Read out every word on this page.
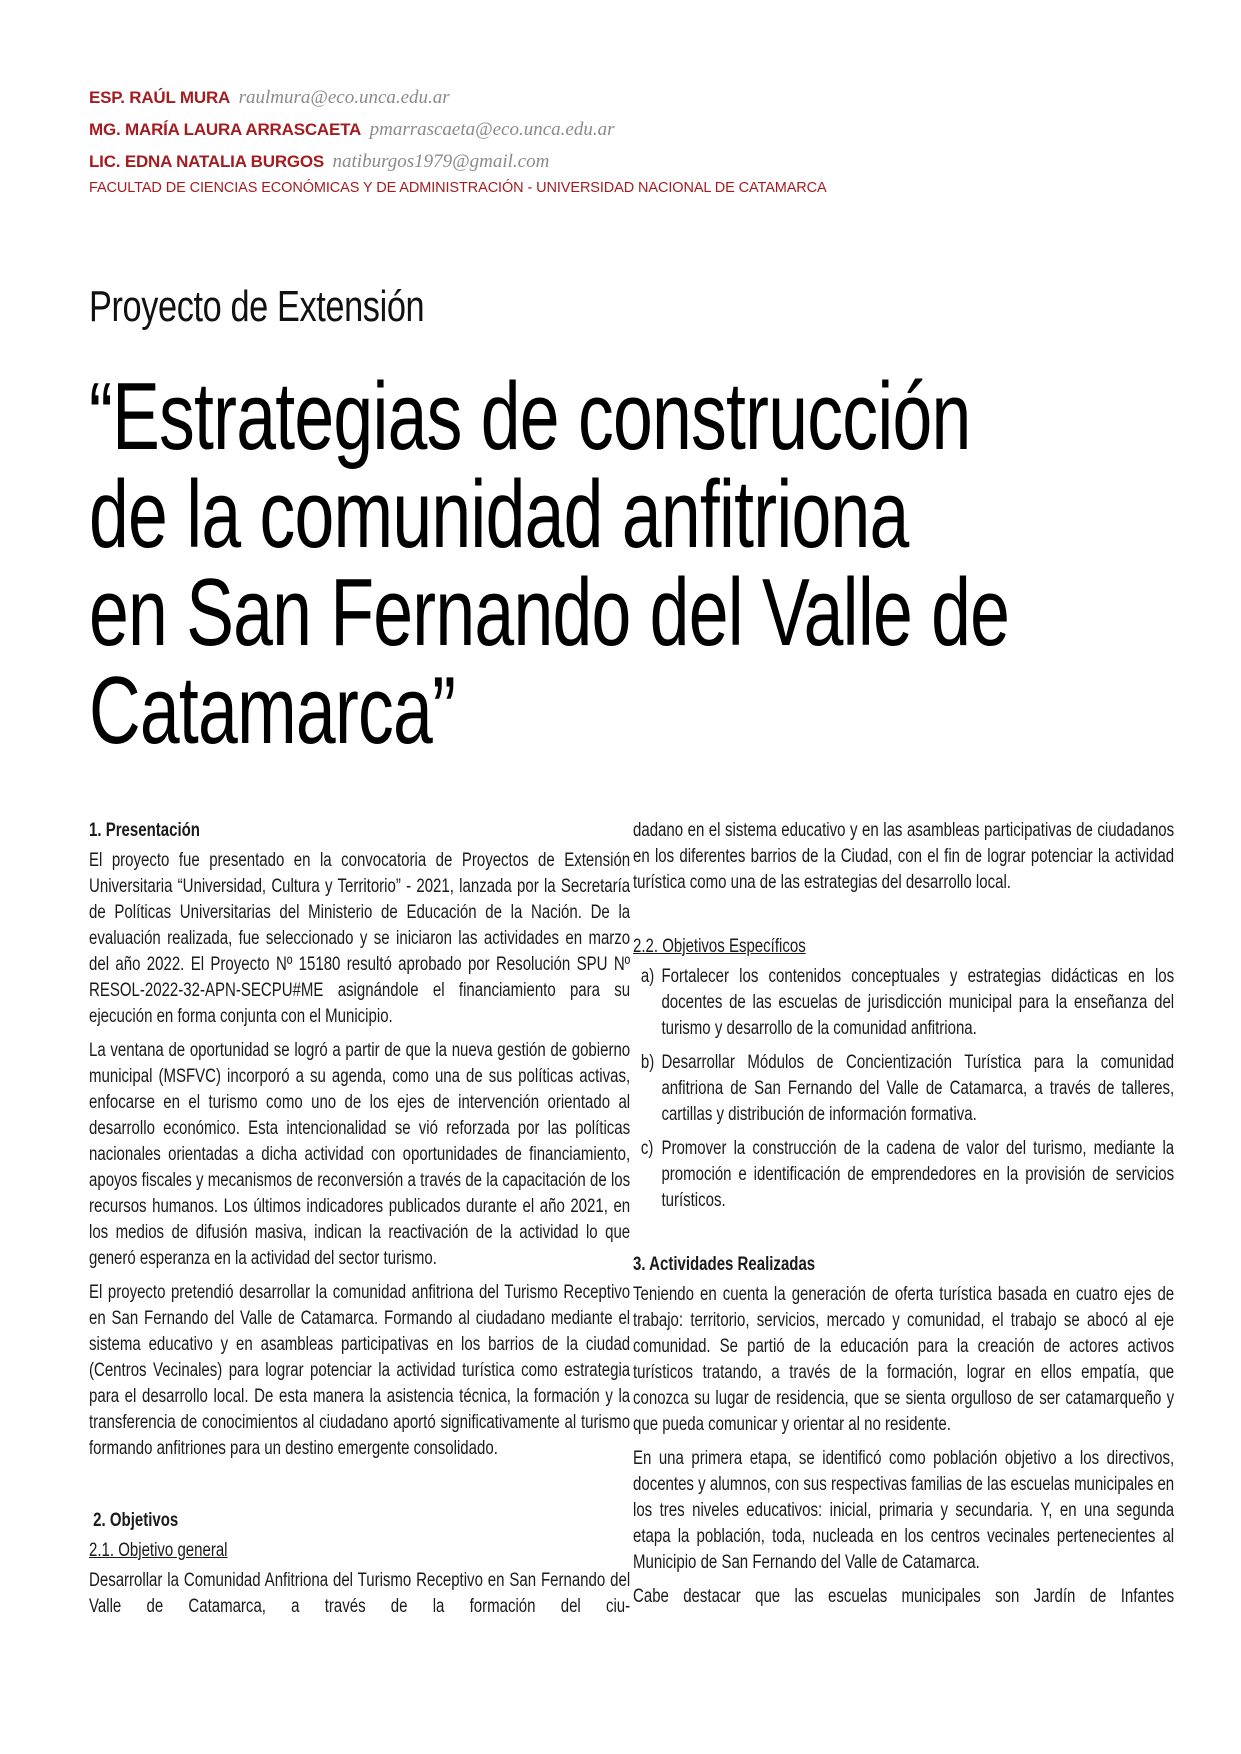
ESP. RAÚL MURA raulmura@eco.unca.edu.ar
MG. MARÍA LAURA ARRASCAETA pmarrascaeta@eco.unca.edu.ar
LIC. EDNA NATALIA BURGOS natiburgos1979@gmail.com
FACULTAD DE CIENCIAS ECONÓMICAS Y DE ADMINISTRACIÓN - UNIVERSIDAD NACIONAL DE CATAMARCA
Proyecto de Extensión
“Estrategias de construcción
de la comunidad anfitriona
en San Fernando del Valle de
Catamarca”
1. Presentación

El proyecto fue presentado en la convocatoria de Proyectos de Extensión Universitaria “Universidad, Cultura y Territorio” - 2021, lanzada por la Secretaría de Políticas Universitarias del Ministerio de Educación de la Nación. De la evaluación realizada, fue seleccionado y se iniciaron las actividades en marzo del año 2022. El Proyecto Nº 15180 resultó aprobado por Resolución SPU Nº RESOL-2022-32-APN-SECPU#ME asignándole el financiamiento para su ejecución en forma conjunta con el Municipio.

La ventana de oportunidad se logró a partir de que la nueva gestión de gobierno municipal (MSFVC) incorporó a su agenda, como una de sus políticas activas, enfocarse en el turismo como uno de los ejes de intervención orientado al desarrollo económico. Esta intencionalidad se vió reforzada por las políticas nacionales orientadas a dicha actividad con oportunidades de financiamiento, apoyos fiscales y mecanismos de reconversión a través de la capacitación de los recursos humanos. Los últimos indicadores publicados durante el año 2021, en los medios de difusión masiva, indican la reactivación de la actividad lo que generó esperanza en la actividad del sector turismo.

El proyecto pretendió desarrollar la comunidad anfitriona del Turismo Receptivo en San Fernando del Valle de Catamarca. Formando al ciudadano mediante el sistema educativo y en asambleas participativas en los barrios de la ciudad (Centros Vecinales) para lograr potenciar la actividad turística como estrategia para el desarrollo local. De esta manera la asistencia técnica, la formación y la transferencia de conocimientos al ciudadano aportó significativamente al turismo formando anfitriones para un destino emergente consolidado.

2. Objetivos
2.1. Objetivo general

Desarrollar la Comunidad Anfitriona del Turismo Receptivo en San Fernando del Valle de Catamarca, a través de la formación del ciu-

dadano en el sistema educativo y en las asambleas participativas de ciudadanos en los diferentes barrios de la Ciudad, con el fin de lograr potenciar la actividad turística como una de las estrategias del desarrollo local.

2.2. Objetivos Específicos
a) Fortalecer los contenidos conceptuales y estrategias didácticas en los docentes de las escuelas de jurisdicción municipal para la enseñanza del turismo y desarrollo de la comunidad anfitriona.
b) Desarrollar Módulos de Concientización Turística para la comunidad anfitriona de San Fernando del Valle de Catamarca, a través de talleres, cartillas y distribución de información formativa.
c) Promover la construcción de la cadena de valor del turismo, mediante la promoción e identificación de emprendedores en la provisión de servicios turísticos.
3. Actividades Realizadas

Teniendo en cuenta la generación de oferta turística basada en cuatro ejes de trabajo: territorio, servicios, mercado y comunidad, el trabajo se abocó al eje comunidad. Se partió de la educación para la creación de actores activos turísticos tratando, a través de la formación, lograr en ellos empatía, que conozca su lugar de residencia, que se sienta orgulloso de ser catamarqueño y que pueda comunicar y orientar al no residente.

En una primera etapa, se identificó como población objetivo a los directivos, docentes y alumnos, con sus respectivas familias de las escuelas municipales en los tres niveles educativos: inicial, primaria y secundaria. Y, en una segunda etapa la población, toda, nucleada en los centros vecinales pertenecientes al Municipio de San Fernando del Valle de Catamarca.

Cabe destacar que las escuelas municipales son Jardín de Infantes
